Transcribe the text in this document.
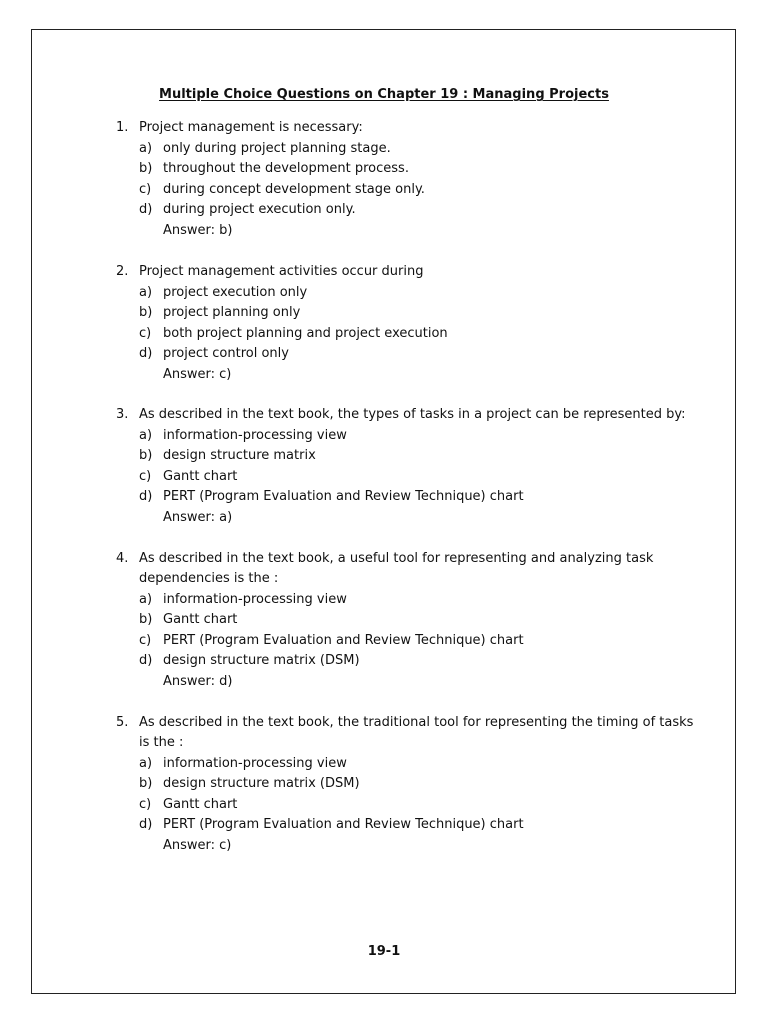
Multiple Choice Questions on Chapter 19 : Managing Projects
1. Project management is necessary:
a) only during project planning stage.
b) throughout the development process.
c) during concept development stage only.
d) during project execution only.
Answer: b)
2. Project management activities occur during
a) project execution only
b) project planning only
c) both project planning and project execution
d) project control only
Answer: c)
3. As described in the text book, the types of tasks in a project can be represented by:
a) information-processing view
b) design structure matrix
c) Gantt chart
d) PERT (Program Evaluation and Review Technique) chart
Answer: a)
4. As described in the text book, a useful tool for representing and analyzing task
dependencies is the :
a) information-processing view
b) Gantt chart
c) PERT (Program Evaluation and Review Technique) chart
d) design structure matrix (DSM)
Answer: d)
5. As described in the text book, the traditional tool for representing the timing of tasks
is the :
a) information-processing view
b) design structure matrix (DSM)
c) Gantt chart
d) PERT (Program Evaluation and Review Technique) chart
Answer: c)
19-1
